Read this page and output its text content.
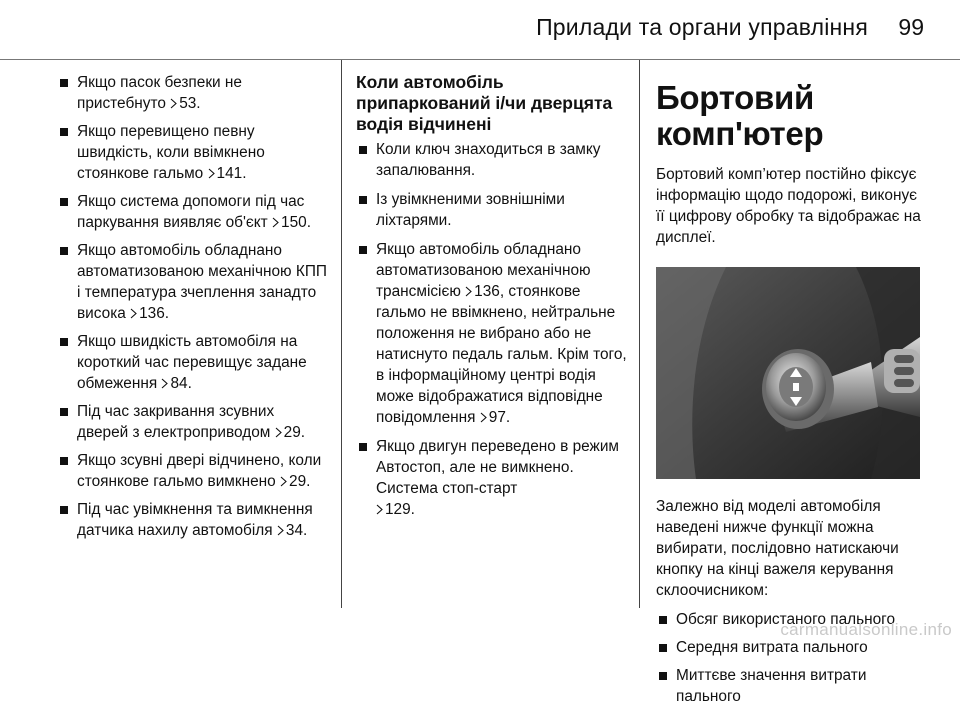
Прилади та органи управління 99
Якщо пасок безпеки не пристебнуто 53.
Якщо перевищено певну швидкість, коли ввімкнено стоянкове гальмо 141.
Якщо система допомоги під час паркування виявляє об'єкт 150.
Якщо автомобіль обладнано автоматизованою механічною КПП і температура зчеплення занадто висока 136.
Якщо швидкість автомобіля на короткий час перевищує задане обмеження 84.
Під час закривання зсувних дверей з електроприводом 29.
Якщо зсувні двері відчинено, коли стоянкове гальмо вимкнено 29.
Під час увімкнення та вимкнення датчика нахилу автомобіля 34.
Коли автомобіль припаркований і/чи дверцята водія відчинені
Коли ключ знаходиться в замку запалювання.
Із увімкненими зовнішніми ліхтарями.
Якщо автомобіль обладнано автоматизованою механічною трансмісією 136, стоянкове гальмо не ввімкнено, нейтральне положення не вибрано або не натиснуто педаль гальм. Крім того, в інформаційному центрі водія може відображатися відповідне повідомлення 97.
Якщо двигун переведено в режим Автостоп, але не вимкнено. Система стоп-старт
129.
Бортовий комп'ютер

Бортовий комп’ютер постійно фіксує інформацію щодо подорожі, виконує її цифрову обробку та відображає на дисплеї.

Залежно від моделі автомобіля наведені нижче функції можна вибирати, послідовно натискаючи кнопку на кінці важеля керування склоочисником:

Обсяг використаного пального
Середня витрата пального
Миттєве значення витрати пального
carmanualsonline.info
